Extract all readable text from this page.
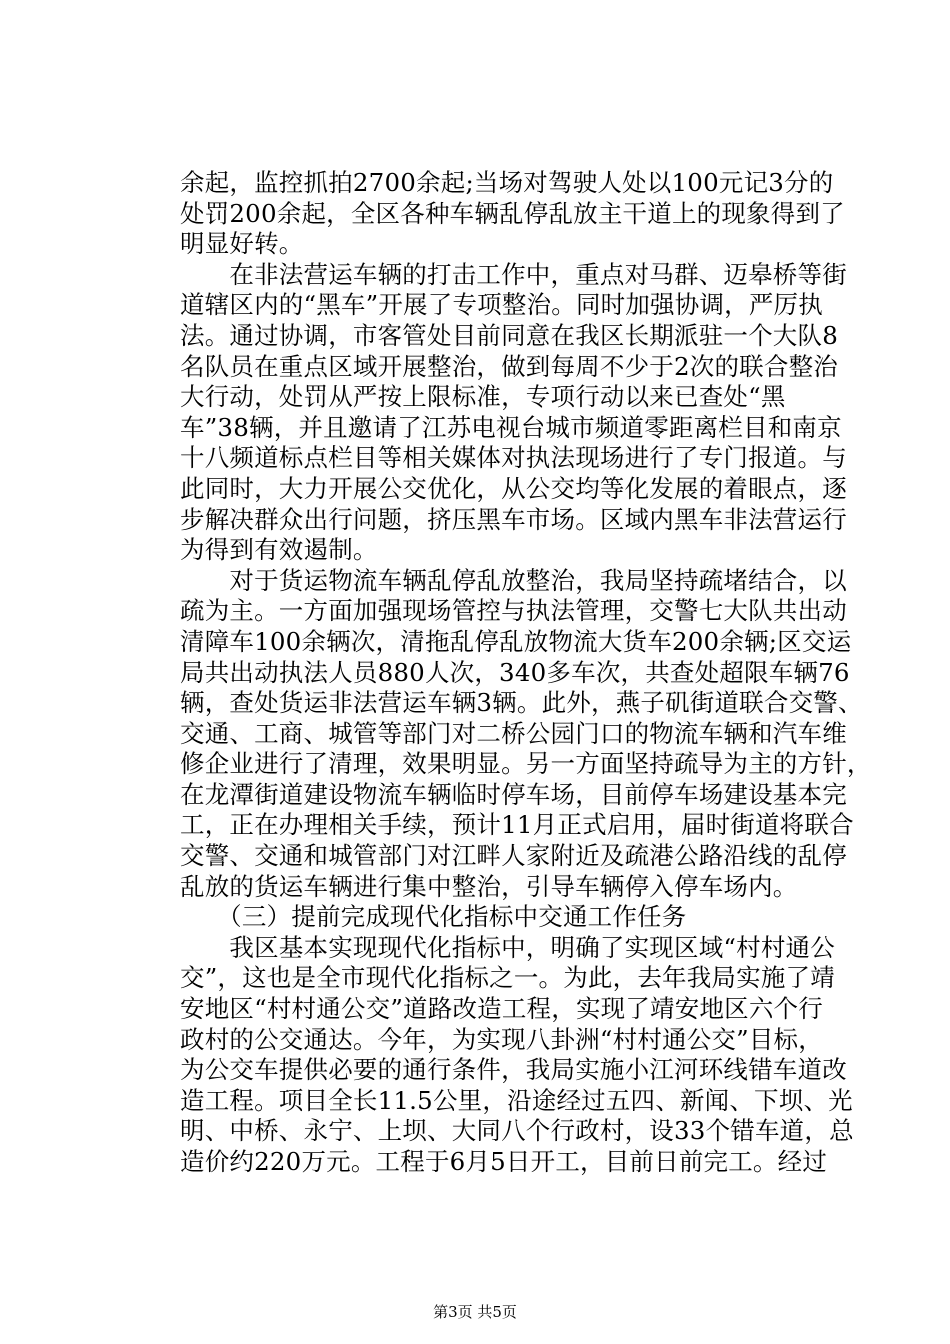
余起，监控抓拍2700余起;当场对驾驶人处以100元记3分的
处罚200余起，全区各种车辆乱停乱放主干道上的现象得到了
明显好转。
　　在非法营运车辆的打击工作中，重点对马群、迈皋桥等街
道辖区内的“黑车”开展了专项整治。同时加强协调，严厉执
法。通过协调，市客管处目前同意在我区长期派驻一个大队8
名队员在重点区域开展整治，做到每周不少于2次的联合整治
大行动，处罚从严按上限标准，专项行动以来已查处“黑
车”38辆，并且邀请了江苏电视台城市频道零距离栏目和南京
十八频道标点栏目等相关媒体对执法现场进行了专门报道。与
此同时，大力开展公交优化，从公交均等化发展的着眼点，逐
步解决群众出行问题，挤压黑车市场。区域内黑车非法营运行
为得到有效遏制。
　　对于货运物流车辆乱停乱放整治，我局坚持疏堵结合，以
疏为主。一方面加强现场管控与执法管理，交警七大队共出动
清障车100余辆次，清拖乱停乱放物流大货车200余辆;区交运
局共出动执法人员880人次，340多车次，共查处超限车辆76
辆，查处货运非法营运车辆3辆。此外，燕子矶街道联合交警、
交通、工商、城管等部门对二桥公园门口的物流车辆和汽车维
修企业进行了清理，效果明显。另一方面坚持疏导为主的方针，
在龙潭街道建设物流车辆临时停车场，目前停车场建设基本完
工，正在办理相关手续，预计11月正式启用，届时街道将联合
交警、交通和城管部门对江畔人家附近及疏港公路沿线的乱停
乱放的货运车辆进行集中整治，引导车辆停入停车场内。
　　（三）提前完成现代化指标中交通工作任务
　　我区基本实现现代化指标中，明确了实现区域“村村通公
交”，这也是全市现代化指标之一。为此，去年我局实施了靖
安地区“村村通公交”道路改造工程，实现了靖安地区六个行
政村的公交通达。今年，为实现八卦洲“村村通公交”目标，
为公交车提供必要的通行条件，我局实施小江河环线错车道改
造工程。项目全长11.5公里，沿途经过五四、新闻、下坝、光
明、中桥、永宁、上坝、大同八个行政村，设33个错车道，总
造价约220万元。工程于6月5日开工，目前日前完工。经过
第3页 共5页
